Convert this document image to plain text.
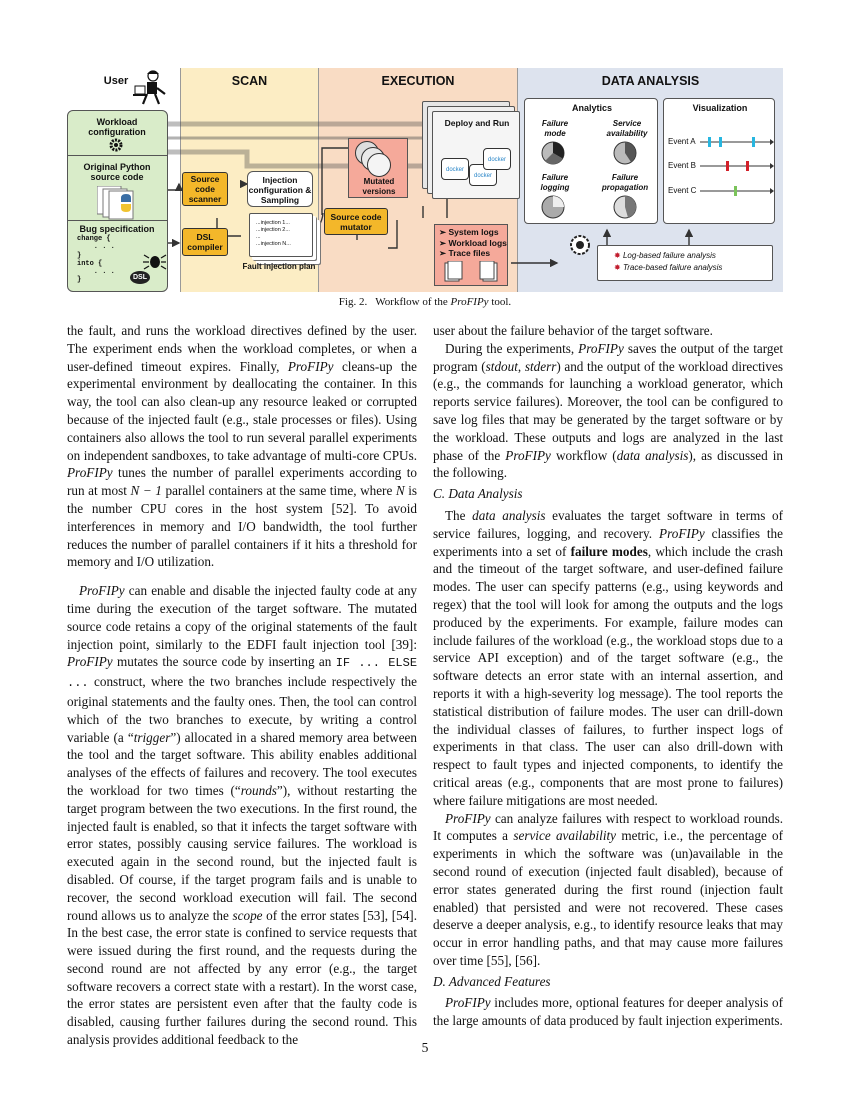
SCAN	EXECUTION	DATA ANALYSIS
User
Workload configuration
Original Python source code
Bug specification
change {
. . .
}
into {
. . .
}	DSL
Source code scanner
DSL compiler
Injection configuration & Sampling
...injection 1...
...injection 2...
...
...injection N...
Fault injection plan
Mutated versions
Source code mutator
Deploy and Run
docker
docker
docker
➢ System logs
➢ Workload logs
➢ Trace files
Analytics
Failure mode
Service availability
Failure logging
Failure propagation
Visualization
Event A
Event B
Event C
✸ Log-based failure analysis
✸ Trace-based failure analysis
Fig. 2. Workflow of the ProFIPy tool.

the fault, and runs the workload directives defined by the user. The experiment ends when the workload completes, or when a user-defined timeout expires. Finally, ProFIPy cleans-up the experimental environment by deallocating the container. In this way, the tool can also clean-up any resource leaked or corrupted because of the injected fault (e.g., stale processes or files). Using containers also allows the tool to run several parallel experiments on independent sandboxes, to take advantage of multi-core CPUs. ProFIPy tunes the number of parallel experiments according to run at most N − 1 parallel containers at the same time, where N is the number CPU cores in the host system [52]. To avoid interferences in memory and I/O bandwidth, the tool further reduces the number of parallel containers if it hits a threshold for memory and I/O utilization.

ProFIPy can enable and disable the injected faulty code at any time during the execution of the target software. The mutated source code retains a copy of the original statements of the fault injection point, similarly to the EDFI fault injection tool [39]: ProFIPy mutates the source code by inserting an IF ... ELSE ... construct, where the two branches include respectively the original statements and the faulty ones. Then, the tool can control which of the two branches to execute, by writing a control variable (a “trigger”) allocated in a shared memory area between the tool and the target software. This ability enables additional analyses of the effects of failures and recovery. The tool executes the workload for two times (“rounds”), without restarting the target program between the two executions. In the first round, the injected fault is enabled, so that it infects the target software with error states, possibly causing service failures. The workload is executed again in the second round, but the injected fault is disabled. Of course, if the target program fails and is unable to recover, the second workload execution will fail. The second round allows us to analyze the scope of the error states [53], [54]. In the best case, the error state is confined to service requests that were issued during the first round, and the requests during the second round are not affected by any error (e.g., the target software recovers a correct state with a restart). In the worst case, the error states are persistent even after that the faulty code is disabled, causing further failures during the second round. This analysis provides additional feedback to the

user about the failure behavior of the target software.

During the experiments, ProFIPy saves the output of the target program (stdout, stderr) and the output of the workload directives (e.g., the commands for launching a workload generator, which reports service failures). Moreover, the tool can be configured to save log files that may be generated by the target software or by the workload. These outputs and logs are analyzed in the last phase of the ProFIPy workflow (data analysis), as discussed in the following.

C. Data Analysis

The data analysis evaluates the target software in terms of service failures, logging, and recovery. ProFIPy classifies the experiments into a set of failure modes, which include the crash and the timeout of the target software, and user-defined failure modes. The user can specify patterns (e.g., using keywords and regex) that the tool will look for among the outputs and the logs produced by the experiments. For example, failure modes can include failures of the workload (e.g., the workload stops due to a service API exception) and of the target software (e.g., the software detects an error state with an internal assertion, and reports it with a high-severity log message). The tool reports the statistical distribution of failure modes. The user can drill-down the individual classes of failures, to further inspect logs of experiments in that class. The user can also drill-down with respect to fault types and injected components, to identify the critical areas (e.g., components that are most prone to failures) where failure mitigations are most needed.

ProFIPy can analyze failures with respect to workload rounds. It computes a service availability metric, i.e., the percentage of experiments in which the software was (un)available in the second round of execution (injected fault disabled), because of error states generated during the first round (injection fault enabled) that persisted and were not recovered. These cases deserve a deeper analysis, e.g., to identify resource leaks that may occur in error handling paths, and that may cause more failures over time [55], [56].

D. Advanced Features

ProFIPy includes more, optional features for deeper analysis of the large amounts of data produced by fault injection experiments.

5
